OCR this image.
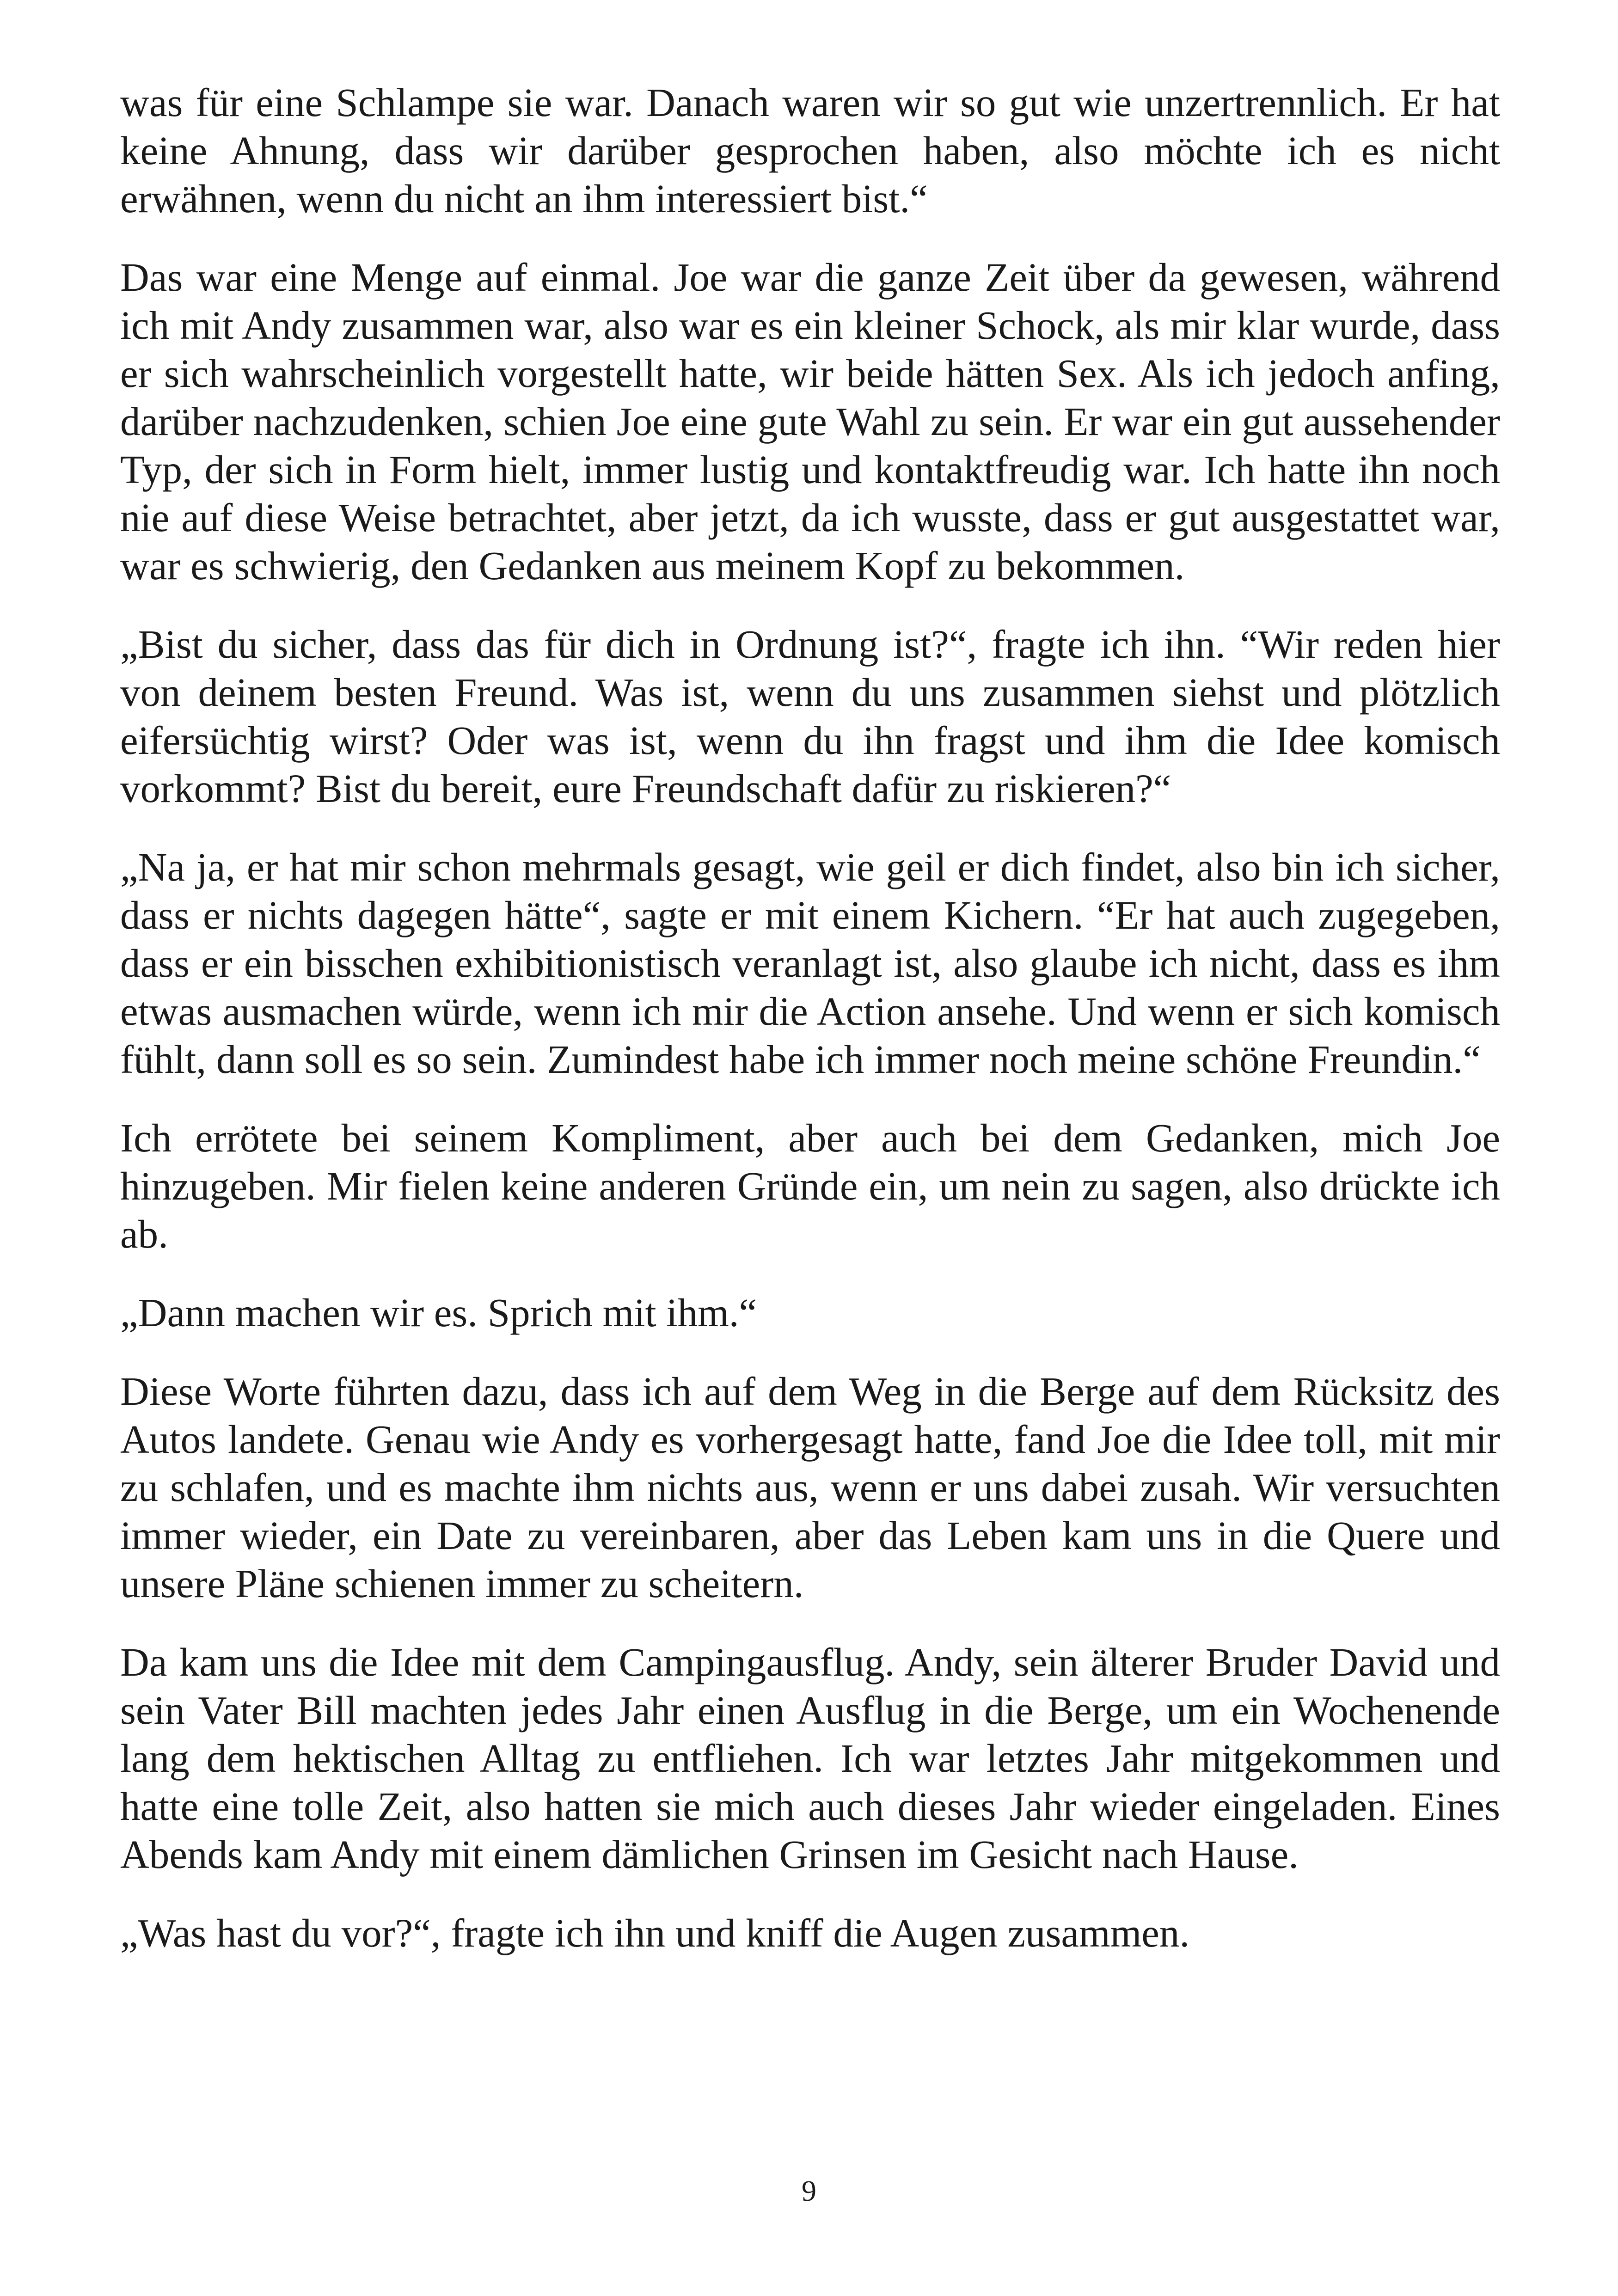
was für eine Schlampe sie war. Danach waren wir so gut wie unzertrennlich. Er hat keine Ahnung, dass wir darüber gesprochen haben, also möchte ich es nicht erwähnen, wenn du nicht an ihm interessiert bist.“

Das war eine Menge auf einmal. Joe war die ganze Zeit über da gewesen, während ich mit Andy zusammen war, also war es ein kleiner Schock, als mir klar wurde, dass er sich wahrscheinlich vorgestellt hatte, wir beide hätten Sex. Als ich jedoch anfing, darüber nachzudenken, schien Joe eine gute Wahl zu sein. Er war ein gut aussehender Typ, der sich in Form hielt, immer lustig und kontaktfreudig war. Ich hatte ihn noch nie auf diese Weise betrachtet, aber jetzt, da ich wusste, dass er gut ausgestattet war, war es schwierig, den Gedanken aus meinem Kopf zu bekommen.

„Bist du sicher, dass das für dich in Ordnung ist?“, fragte ich ihn. “Wir reden hier von deinem besten Freund. Was ist, wenn du uns zusammen siehst und plötzlich eifersüchtig wirst? Oder was ist, wenn du ihn fragst und ihm die Idee komisch vorkommt? Bist du bereit, eure Freundschaft dafür zu riskieren?“

„Na ja, er hat mir schon mehrmals gesagt, wie geil er dich findet, also bin ich sicher, dass er nichts dagegen hätte“, sagte er mit einem Kichern. “Er hat auch zugegeben, dass er ein bisschen exhibitionistisch veranlagt ist, also glaube ich nicht, dass es ihm etwas ausmachen würde, wenn ich mir die Action ansehe. Und wenn er sich komisch fühlt, dann soll es so sein. Zumindest habe ich immer noch meine schöne Freundin.“

Ich errötete bei seinem Kompliment, aber auch bei dem Gedanken, mich Joe hinzugeben. Mir fielen keine anderen Gründe ein, um nein zu sagen, also drückte ich ab.

„Dann machen wir es. Sprich mit ihm.“

Diese Worte führten dazu, dass ich auf dem Weg in die Berge auf dem Rücksitz des Autos landete. Genau wie Andy es vorhergesagt hatte, fand Joe die Idee toll, mit mir zu schlafen, und es machte ihm nichts aus, wenn er uns dabei zusah. Wir versuchten immer wieder, ein Date zu vereinbaren, aber das Leben kam uns in die Quere und unsere Pläne schienen immer zu scheitern.

Da kam uns die Idee mit dem Campingausflug. Andy, sein älterer Bruder David und sein Vater Bill machten jedes Jahr einen Ausflug in die Berge, um ein Wochenende lang dem hektischen Alltag zu entfliehen. Ich war letztes Jahr mitgekommen und hatte eine tolle Zeit, also hatten sie mich auch dieses Jahr wieder eingeladen. Eines Abends kam Andy mit einem dämlichen Grinsen im Gesicht nach Hause.

„Was hast du vor?“, fragte ich ihn und kniff die Augen zusammen.

9
